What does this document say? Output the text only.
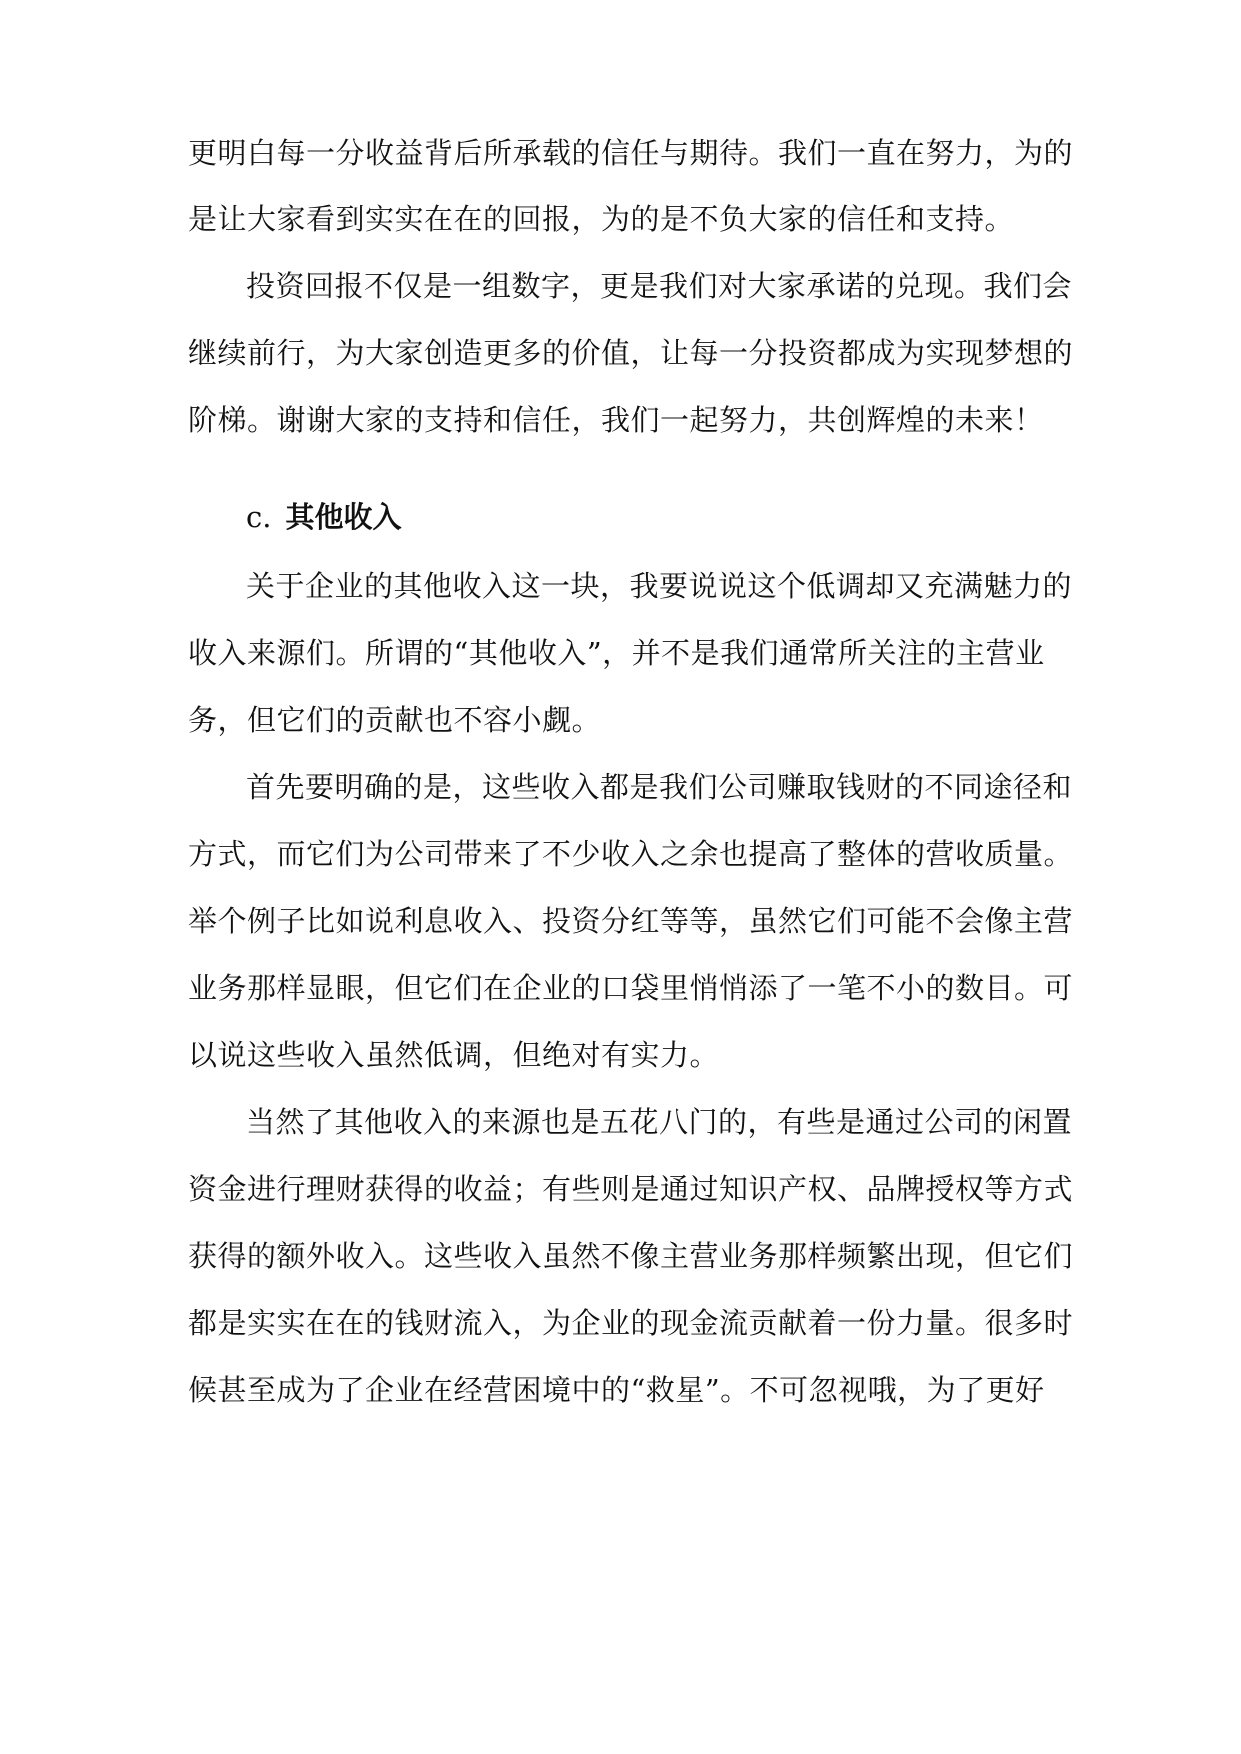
更明白每一分收益背后所承载的信任与期待。我们一直在努力，为的
是让大家看到实实在在的回报，为的是不负大家的信任和支持。
投资回报不仅是一组数字，更是我们对大家承诺的兑现。我们会
继续前行，为大家创造更多的价值，让每一分投资都成为实现梦想的
阶梯。谢谢大家的支持和信任，我们一起努力，共创辉煌的未来！
c. 其他收入
关于企业的其他收入这一块，我要说说这个低调却又充满魅力的
收入来源们。所谓的“其他收入”，并不是我们通常所关注的主营业
务，但它们的贡献也不容小觑。
首先要明确的是，这些收入都是我们公司赚取钱财的不同途径和
方式，而它们为公司带来了不少收入之余也提高了整体的营收质量。
举个例子比如说利息收入、投资分红等等，虽然它们可能不会像主营
业务那样显眼，但它们在企业的口袋里悄悄添了一笔不小的数目。可
以说这些收入虽然低调，但绝对有实力。
当然了其他收入的来源也是五花八门的，有些是通过公司的闲置
资金进行理财获得的收益；有些则是通过知识产权、品牌授权等方式
获得的额外收入。这些收入虽然不像主营业务那样频繁出现，但它们
都是实实在在的钱财流入，为企业的现金流贡献着一份力量。很多时
候甚至成为了企业在经营困境中的“救星”。不可忽视哦，为了更好
